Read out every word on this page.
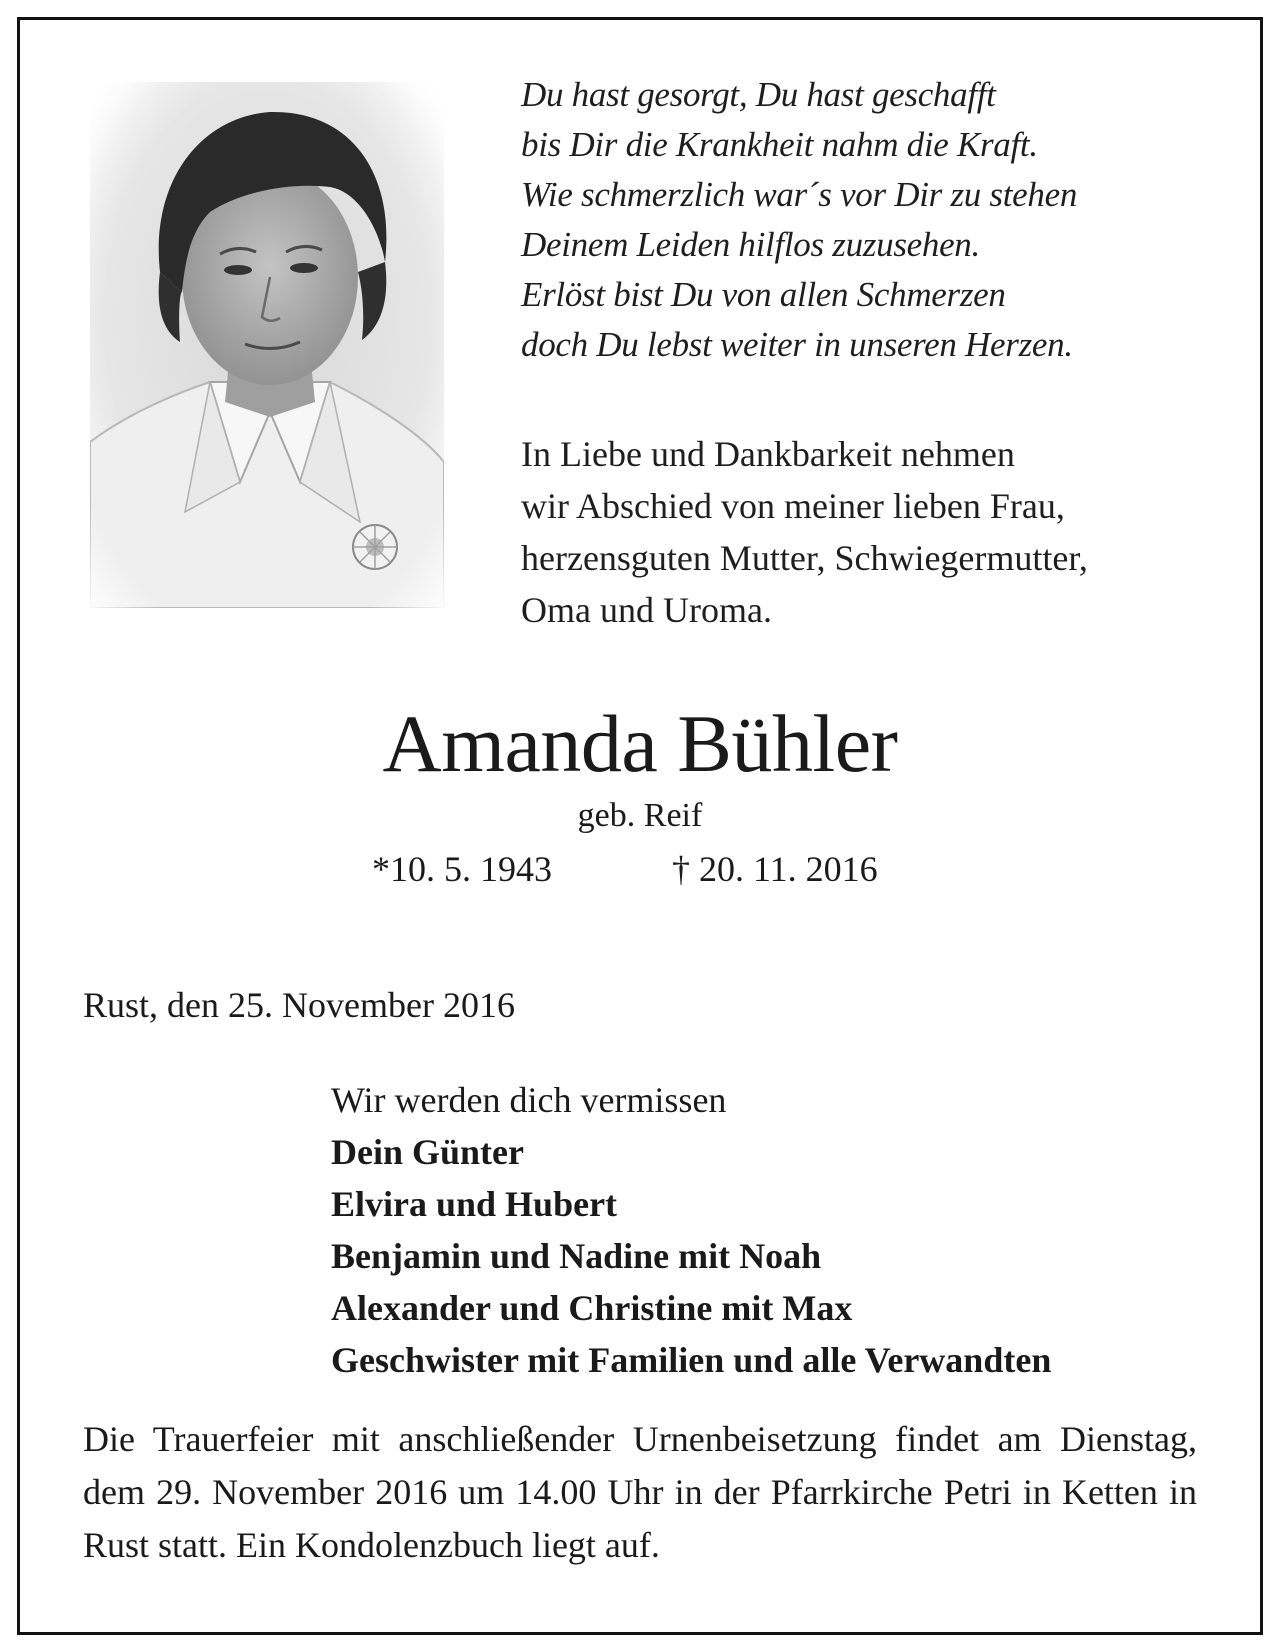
Du hast gesorgt, Du hast geschafft
bis Dir die Krankheit nahm die Kraft.
Wie schmerzlich war´s vor Dir zu stehen
Deinem Leiden hilflos zuzusehen.
Erlöst bist Du von allen Schmerzen
doch Du lebst weiter in unseren Herzen.
In Liebe und Dankbarkeit nehmen
wir Abschied von meiner lieben Frau,
herzensguten Mutter, Schwiegermutter,
Oma und Uroma.
Amanda Bühler
geb. Reif
*10. 5. 1943	† 20. 11. 2016
Rust, den 25. November 2016
Wir werden dich vermissen
Dein Günter
Elvira und Hubert
Benjamin und Nadine mit Noah
Alexander und Christine mit Max
Geschwister mit Familien und alle Verwandten
Die Trauerfeier mit anschließender Urnenbeisetzung findet am Dienstag, dem 29. November 2016 um 14.00 Uhr in der Pfarrkirche Petri in Ketten in Rust statt. Ein Kondolenzbuch liegt auf.
